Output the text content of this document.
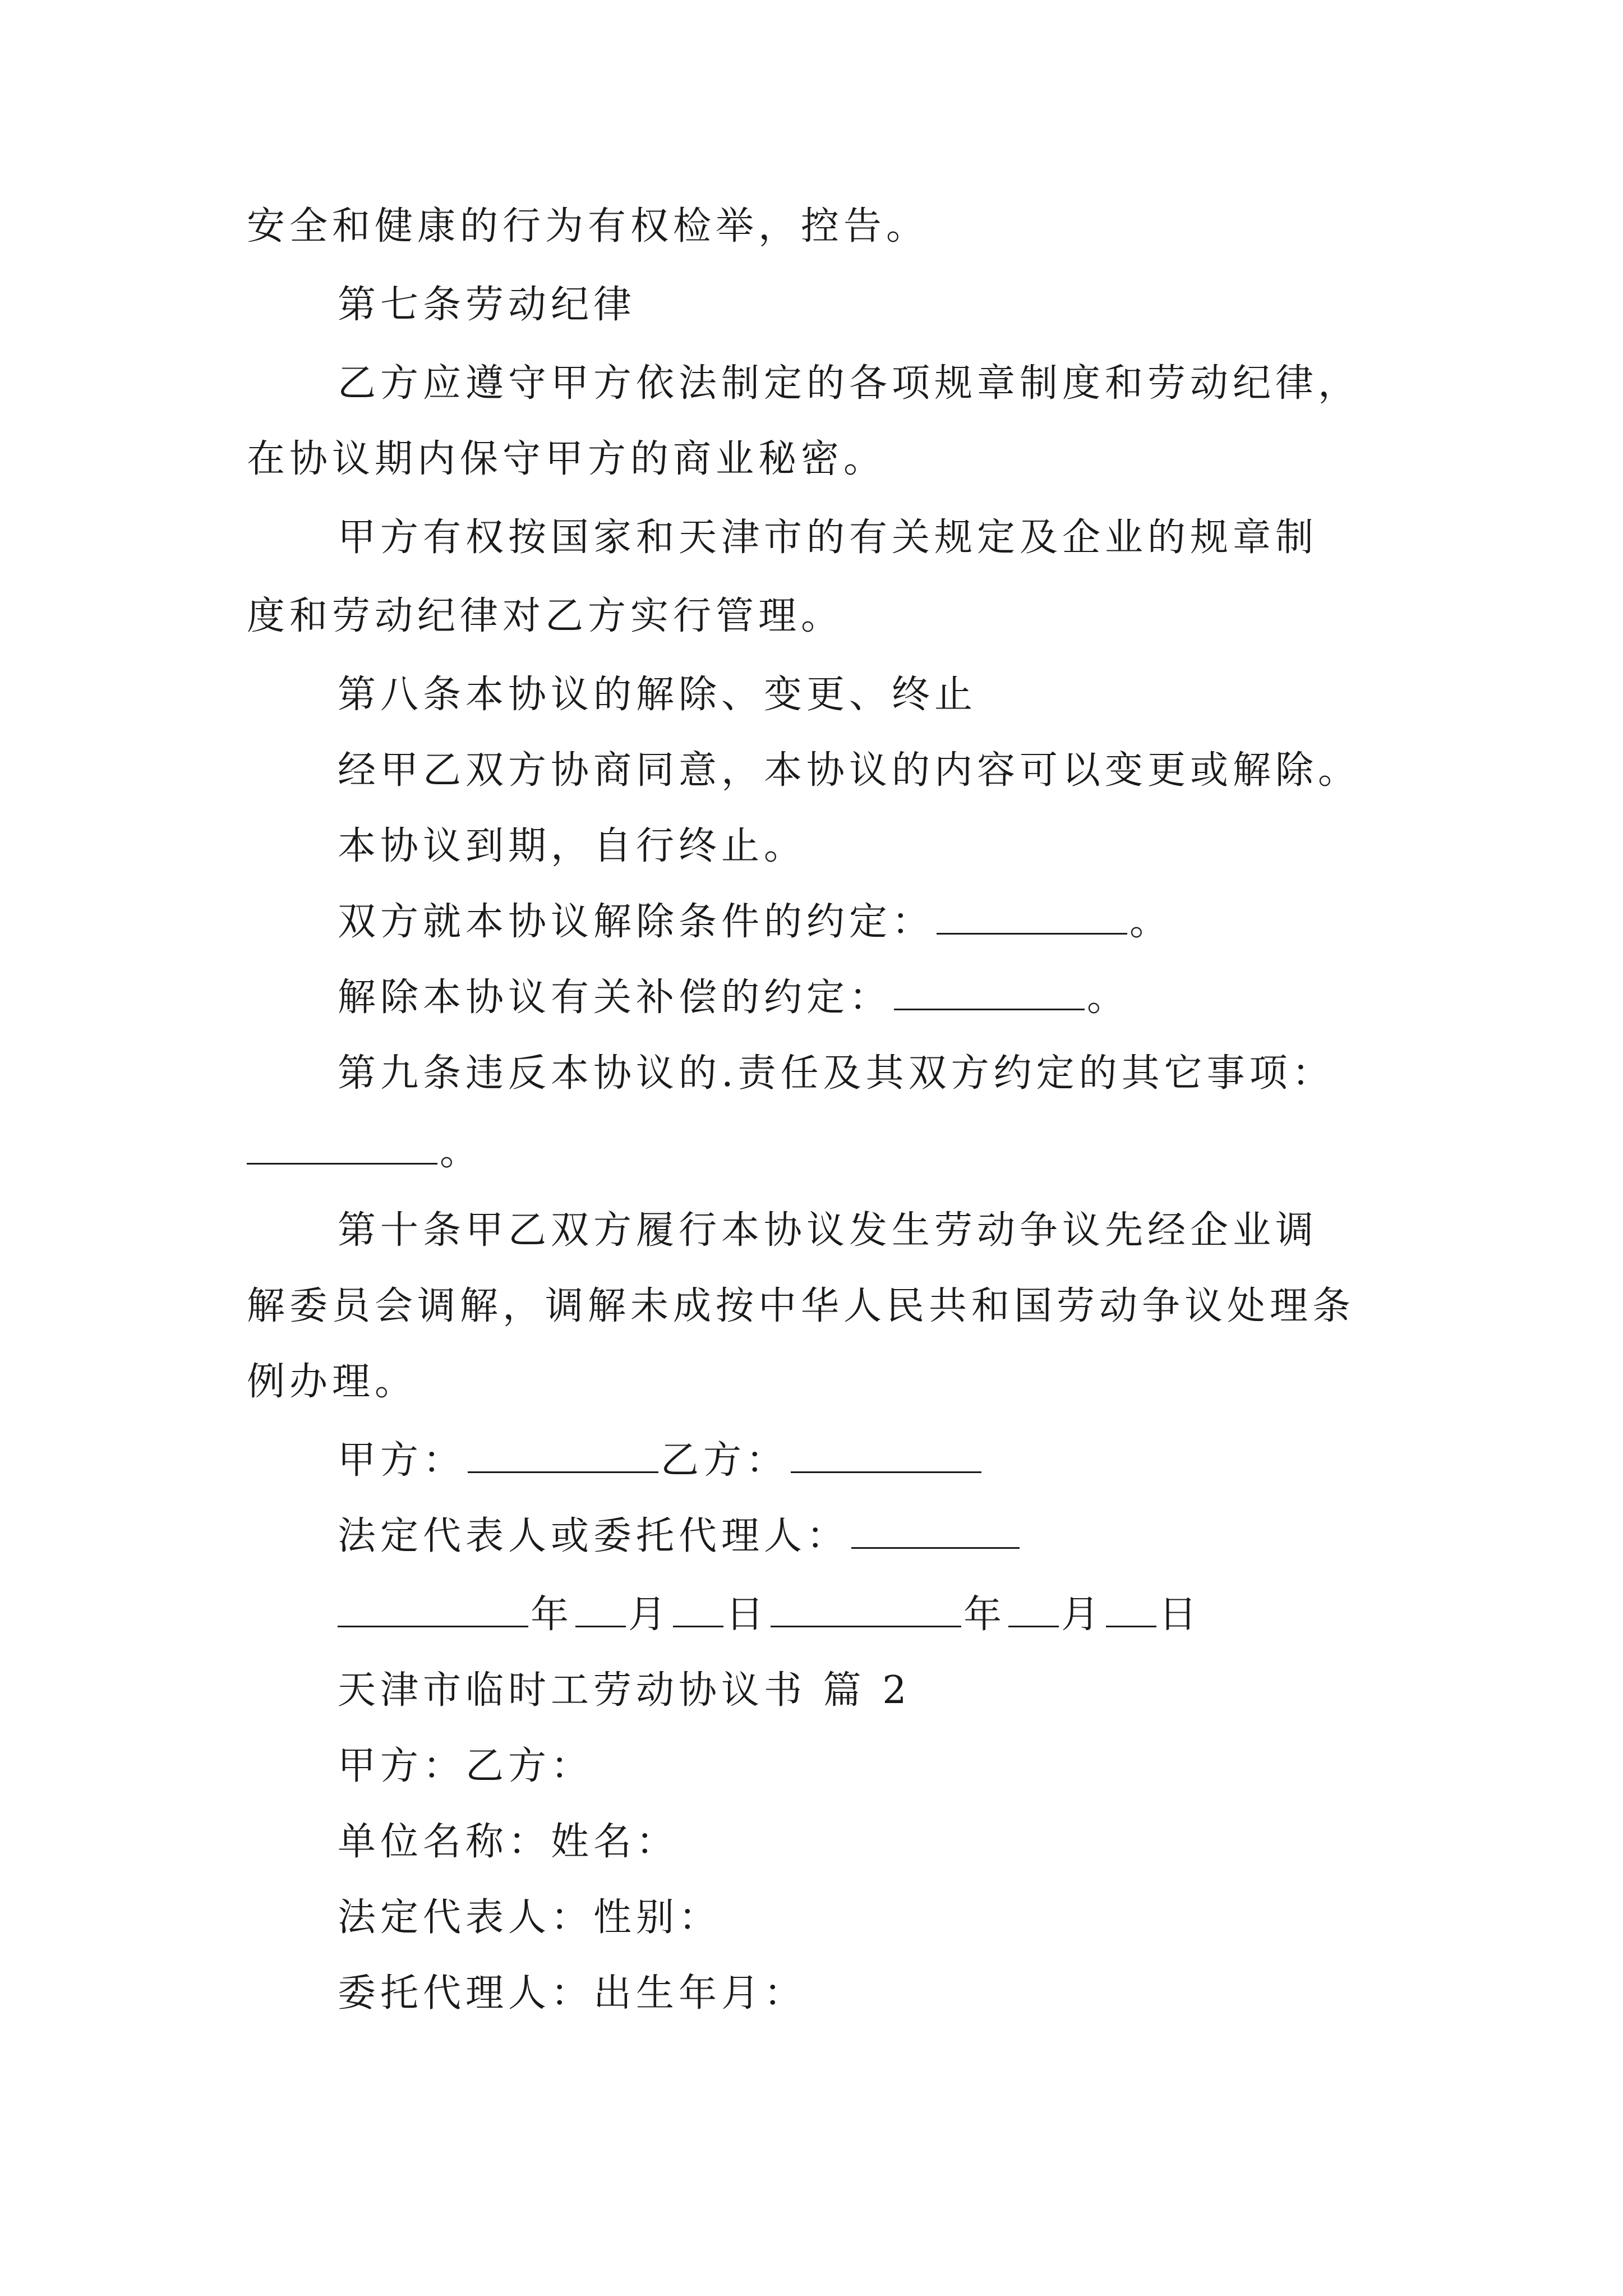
安全和健康的行为有权检举，控告。
第七条劳动纪律
乙方应遵守甲方依法制定的各项规章制度和劳动纪律，
在协议期内保守甲方的商业秘密。
甲方有权按国家和天津市的有关规定及企业的规章制
度和劳动纪律对乙方实行管理。
第八条本协议的解除、变更、终止
经甲乙双方协商同意，本协议的内容可以变更或解除。
本协议到期，自行终止。
双方就本协议解除条件的约定：	。
解除本协议有关补偿的约定：	。
第九条违反本协议的.责任及其双方约定的其它事项：
。
第十条甲乙双方履行本协议发生劳动争议先经企业调
解委员会调解，调解未成按中华人民共和国劳动争议处理条
例办理。
甲方：	乙方：
法定代表人或委托代理人：
年 月 日	年 月 日
天津市临时工劳动协议书 篇 2
甲方：乙方：
单位名称：姓名：
法定代表人：性别：
委托代理人：出生年月：
